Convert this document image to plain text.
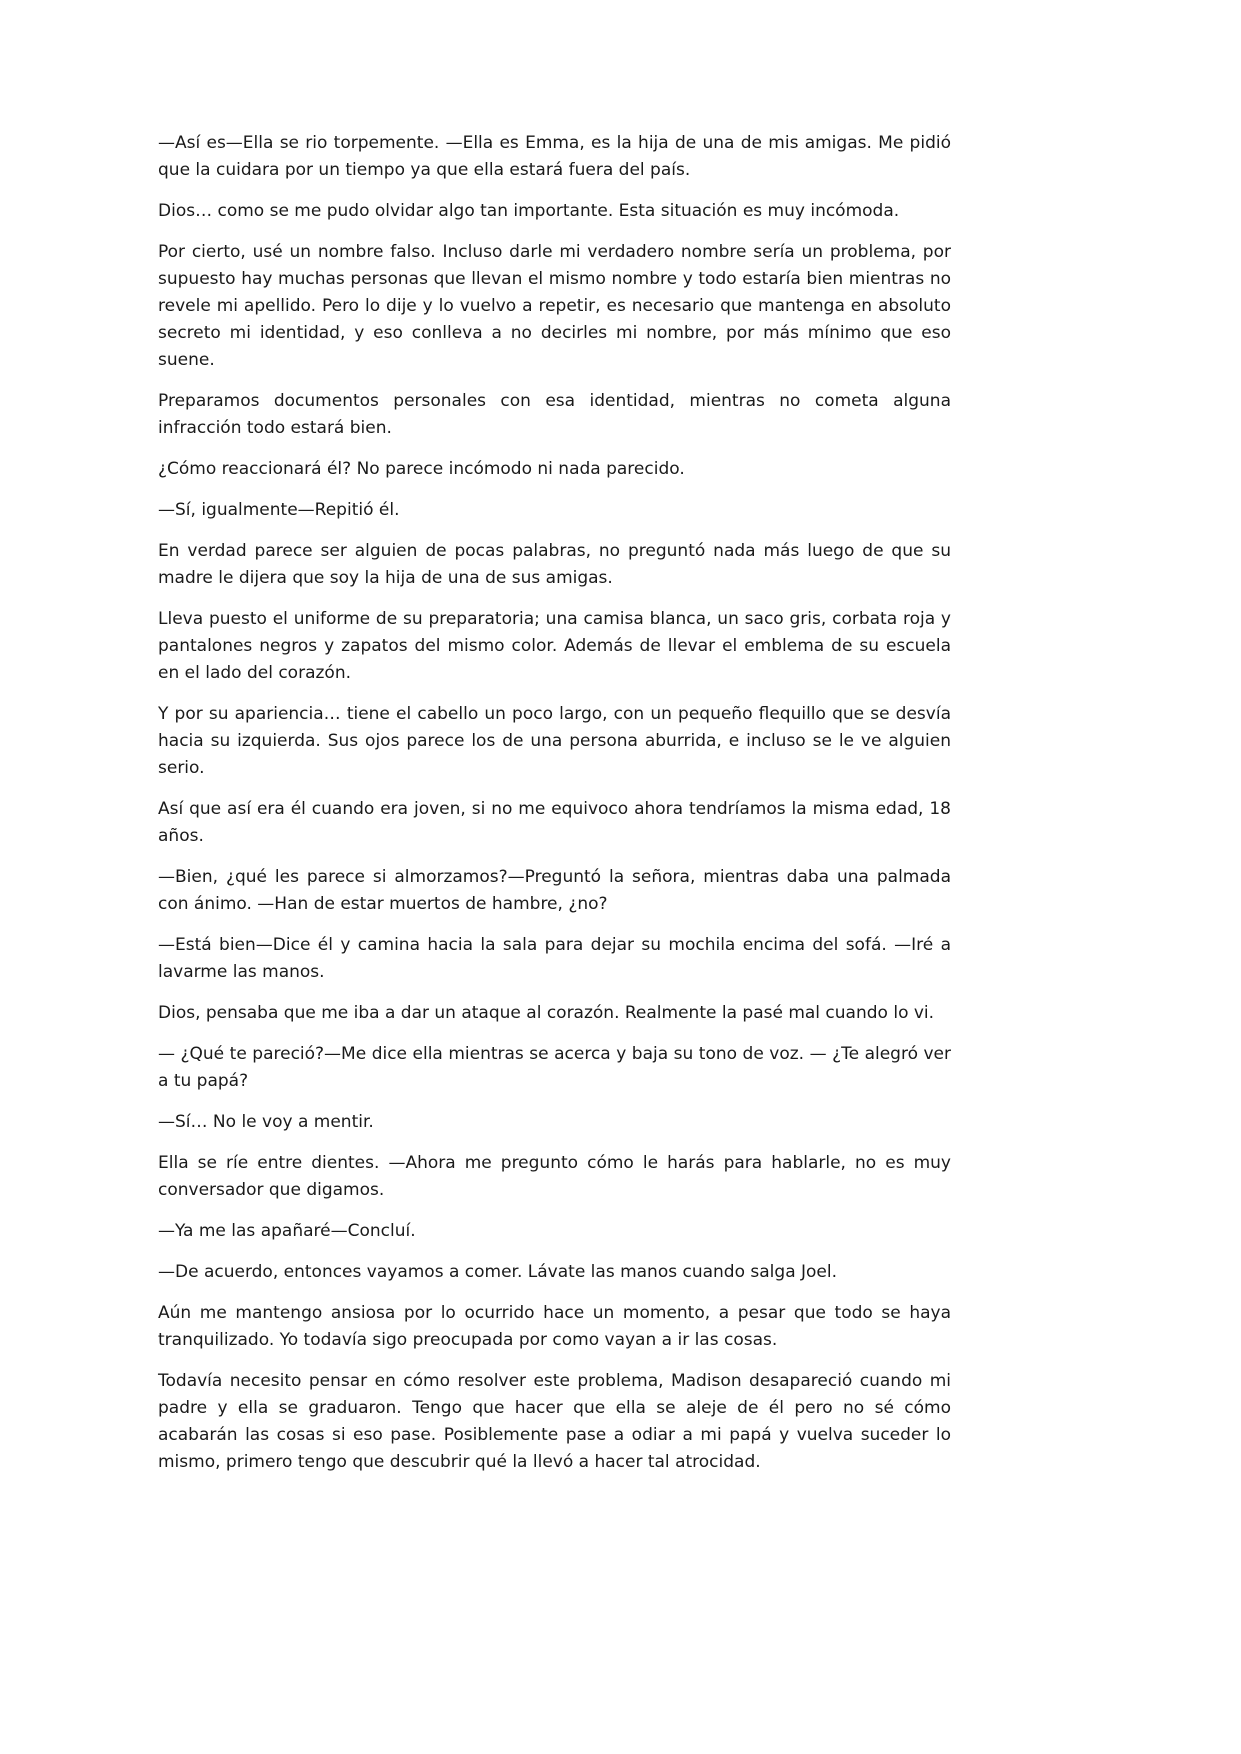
—Así es—Ella se rio torpemente. —Ella es Emma, es la hija de una de mis amigas. Me pidió que la cuidara por un tiempo ya que ella estará fuera del país.

Dios… como se me pudo olvidar algo tan importante. Esta situación es muy incómoda.

Por cierto, usé un nombre falso. Incluso darle mi verdadero nombre sería un problema, por supuesto hay muchas personas que llevan el mismo nombre y todo estaría bien mientras no revele mi apellido. Pero lo dije y lo vuelvo a repetir, es necesario que mantenga en absoluto secreto mi identidad, y eso conlleva a no decirles mi nombre, por más mínimo que eso suene.

Preparamos documentos personales con esa identidad, mientras no cometa alguna infracción todo estará bien.

¿Cómo reaccionará él? No parece incómodo ni nada parecido.

—Sí, igualmente—Repitió él.

En verdad parece ser alguien de pocas palabras, no preguntó nada más luego de que su madre le dijera que soy la hija de una de sus amigas.

Lleva puesto el uniforme de su preparatoria; una camisa blanca, un saco gris, corbata roja y pantalones negros y zapatos del mismo color. Además de llevar el emblema de su escuela en el lado del corazón.

Y por su apariencia… tiene el cabello un poco largo, con un pequeño flequillo que se desvía hacia su izquierda. Sus ojos parece los de una persona aburrida, e incluso se le ve alguien serio.

Así que así era él cuando era joven, si no me equivoco ahora tendríamos la misma edad, 18 años.

—Bien, ¿qué les parece si almorzamos?—Preguntó la señora, mientras daba una palmada con ánimo. —Han de estar muertos de hambre, ¿no?

—Está bien—Dice él y camina hacia la sala para dejar su mochila encima del sofá. —Iré a lavarme las manos.

Dios, pensaba que me iba a dar un ataque al corazón. Realmente la pasé mal cuando lo vi.

— ¿Qué te pareció?—Me dice ella mientras se acerca y baja su tono de voz. — ¿Te alegró ver a tu papá?

—Sí… No le voy a mentir.

Ella se ríe entre dientes. —Ahora me pregunto cómo le harás para hablarle, no es muy conversador que digamos.

—Ya me las apañaré—Concluí.

—De acuerdo, entonces vayamos a comer. Lávate las manos cuando salga Joel.

Aún me mantengo ansiosa por lo ocurrido hace un momento, a pesar que todo se haya tranquilizado. Yo todavía sigo preocupada por como vayan a ir las cosas.

Todavía necesito pensar en cómo resolver este problema, Madison desapareció cuando mi padre y ella se graduaron. Tengo que hacer que ella se aleje de él pero no sé cómo acabarán las cosas si eso pase. Posiblemente pase a odiar a mi papá y vuelva suceder lo mismo, primero tengo que descubrir qué la llevó a hacer tal atrocidad.
